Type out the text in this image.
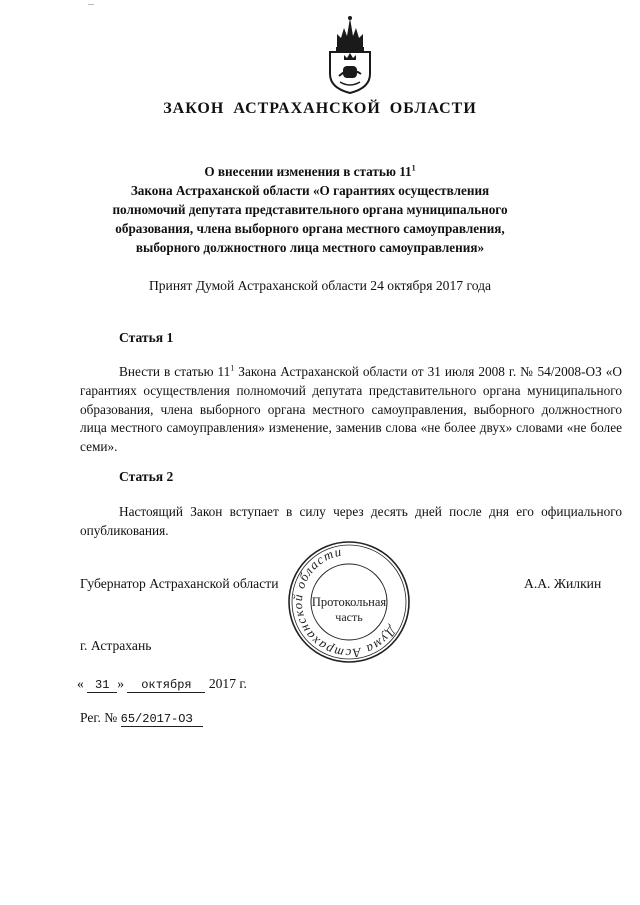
ЗАКОН АСТРАХАНСКОЙ ОБЛАСТИ
О внесении изменения в статью $11^1$
Закона Астраханской области «О гарантиях осуществления
полномочий депутата представительного органа муниципального
образования, члена выборного органа местного самоуправления,
выборного должностного лица местного самоуправления»
Принят Думой Астраханской области 24 октября 2017 года
Статья 1
Внести в статью $11^1$ Закона Астраханской области от 31 июля 2008 г. № 54/2008-ОЗ «О гарантиях осуществления полномочий депутата представительного органа муниципального образования, члена выборного органа местного самоуправления, выборного должностного лица местного самоуправления» изменение, заменив слова «не более двух» словами «не более семи».
Статья 2
Настоящий Закон вступает в силу через десять дней после дня его официального опубликования.
Губернатор Астраханской области	А.А. Жилкин
Дума Астраханской области
Протокольная
часть
г. Астрахань
« 31 » октября 2017 г.
Рег. № 65/2017-ОЗ
